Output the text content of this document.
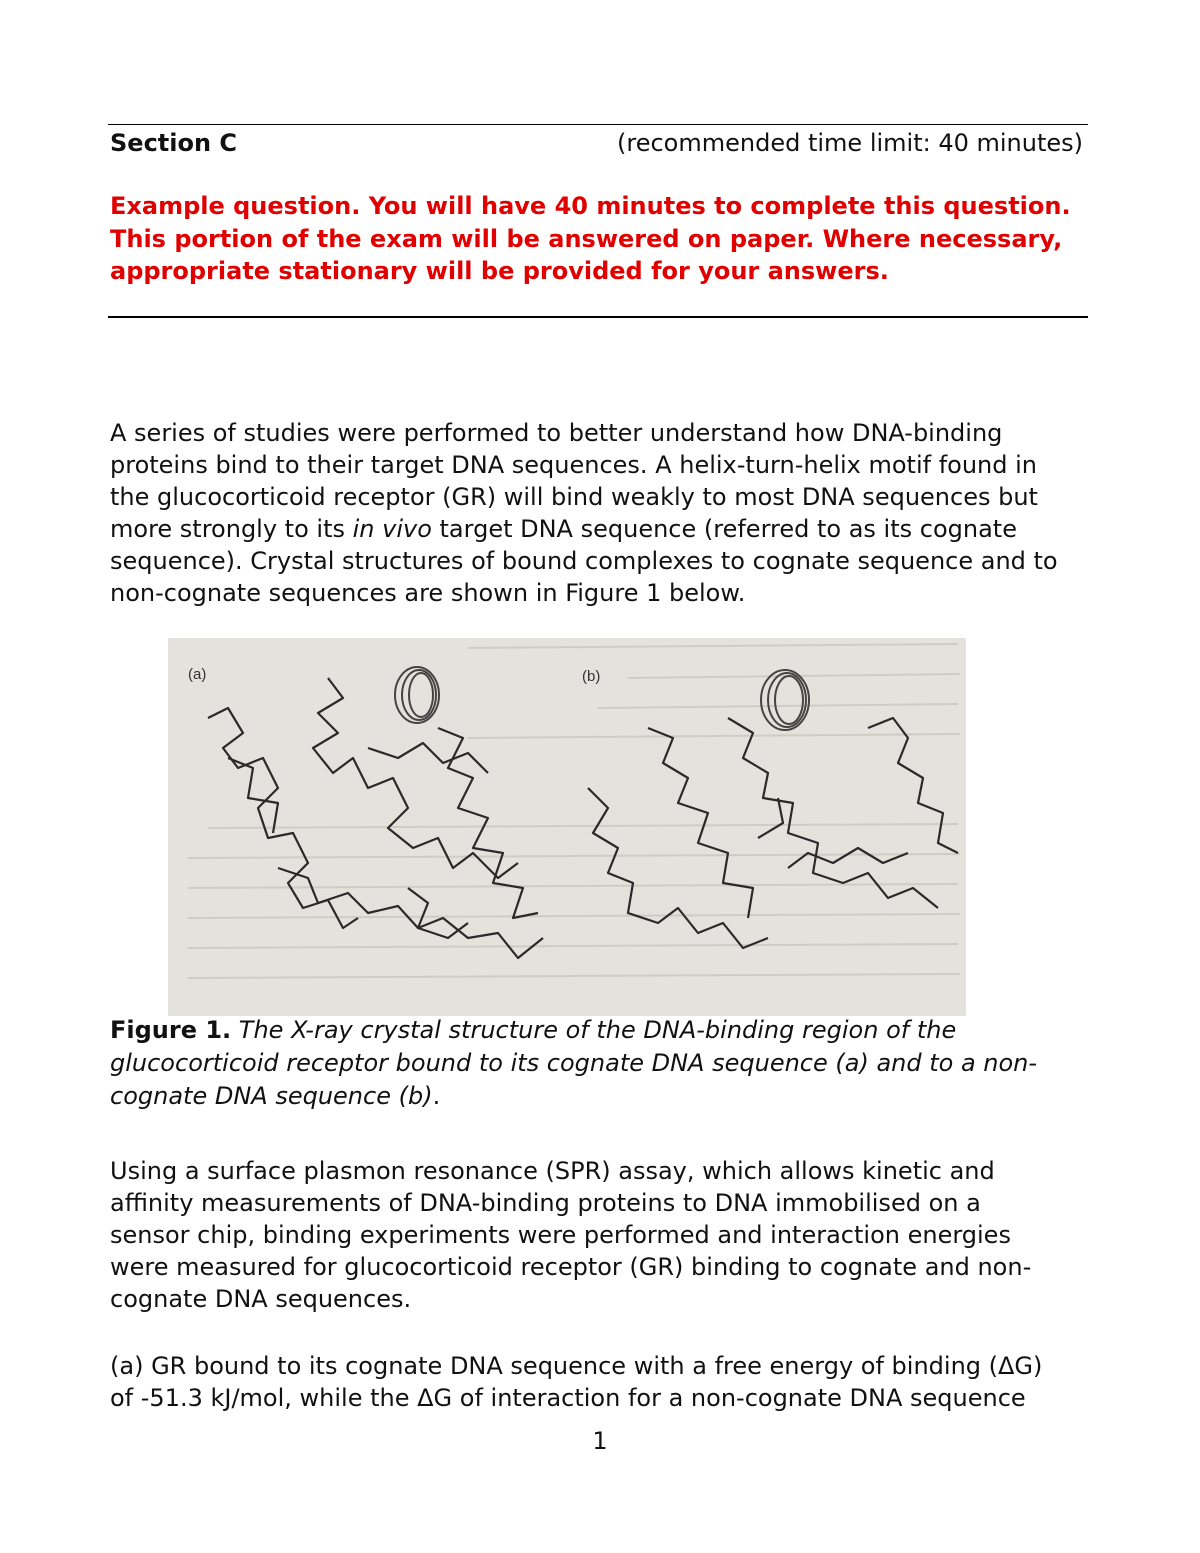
Section C	(recommended time limit: 40 minutes)
Example question. You will have 40 minutes to complete this question.
This portion of the exam will be answered on paper. Where necessary,
appropriate stationary will be provided for your answers.
A series of studies were performed to better understand how DNA-binding
proteins bind to their target DNA sequences. A helix-turn-helix motif found in
the glucocorticoid receptor (GR) will bind weakly to most DNA sequences but
more strongly to its in vivo target DNA sequence (referred to as its cognate
sequence). Crystal structures of bound complexes to cognate sequence and to
non-cognate sequences are shown in Figure 1 below.
(a)	(b)
Figure 1. The X-ray crystal structure of the DNA-binding region of the
glucocorticoid receptor bound to its cognate DNA sequence (a) and to a non-
cognate DNA sequence (b).
Using a surface plasmon resonance (SPR) assay, which allows kinetic and
affinity measurements of DNA-binding proteins to DNA immobilised on a
sensor chip, binding experiments were performed and interaction energies
were measured for glucocorticoid receptor (GR) binding to cognate and non-
cognate DNA sequences.
(a) GR bound to its cognate DNA sequence with a free energy of binding (ΔG)
of -51.3 kJ/mol, while the ΔG of interaction for a non-cognate DNA sequence
1
